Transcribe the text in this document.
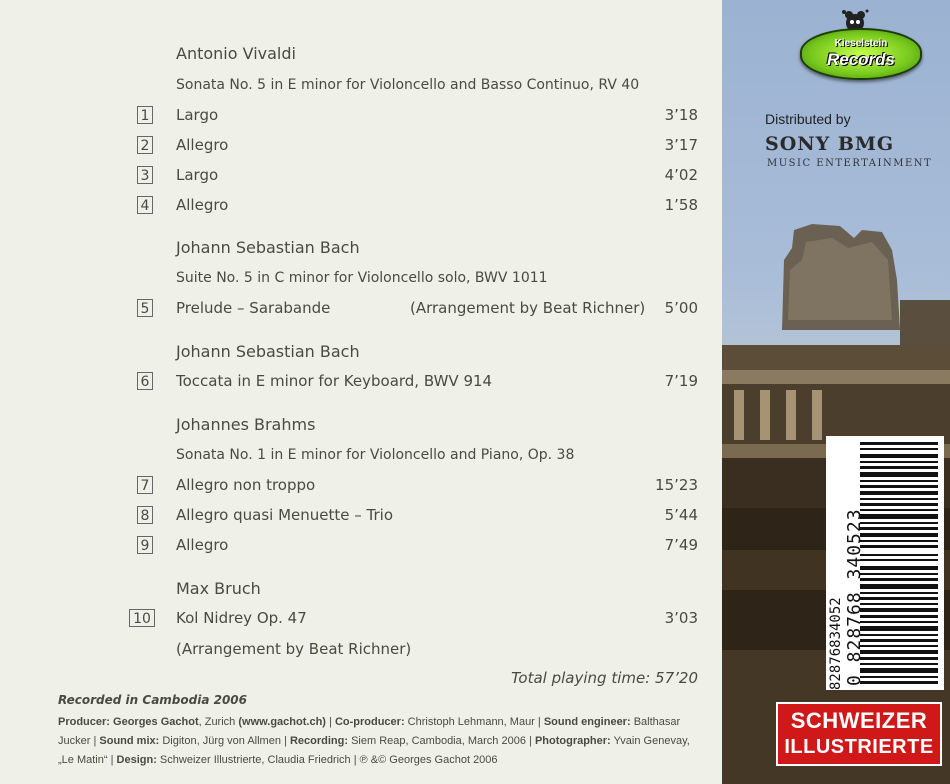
Antonio Vivaldi
Sonata No. 5 in E minor for Violoncello and Basso Continuo, RV 40
1 Largo	3’18
2 Allegro	3’17
3 Largo	4’02
4 Allegro	1’58
Johann Sebastian Bach
Suite No. 5 in C minor for Violoncello solo, BWV 1011
5 Prelude – Sarabande	(Arrangement by Beat Richner) 5’00
Johann Sebastian Bach
6 Toccata in E minor for Keyboard, BWV 914	7’19
Johannes Brahms
Sonata No. 1 in E minor for Violoncello and Piano, Op. 38
7 Allegro non troppo	15’23
8 Allegro quasi Menuette – Trio	5’44
9 Allegro	7’49
Max Bruch
10 Kol Nidrey Op. 47	3’03
(Arrangement by Beat Richner)
Total playing time: 57’20
Recorded in Cambodia 2006
Producer: Georges Gachot, Zurich (www.gachot.ch) | Co-producer: Christoph Lehmann, Maur | Sound engineer: Balthasar Jucker | Sound mix: Digiton, Jürg von Allmen | Recording: Siem Reap, Cambodia, March 2006 | Photographer: Yvain Genevay, „Le Matin“ | Design: Schweizer Illustrierte, Claudia Friedrich | ℗ &© Georges Gachot 2006
Kieselstein
Records
Distributed by
SONY BMG
MUSIC ENTERTAINMENT
82876834052 0 828768 340523
SCHWEIZER
ILLUSTRIERTE
